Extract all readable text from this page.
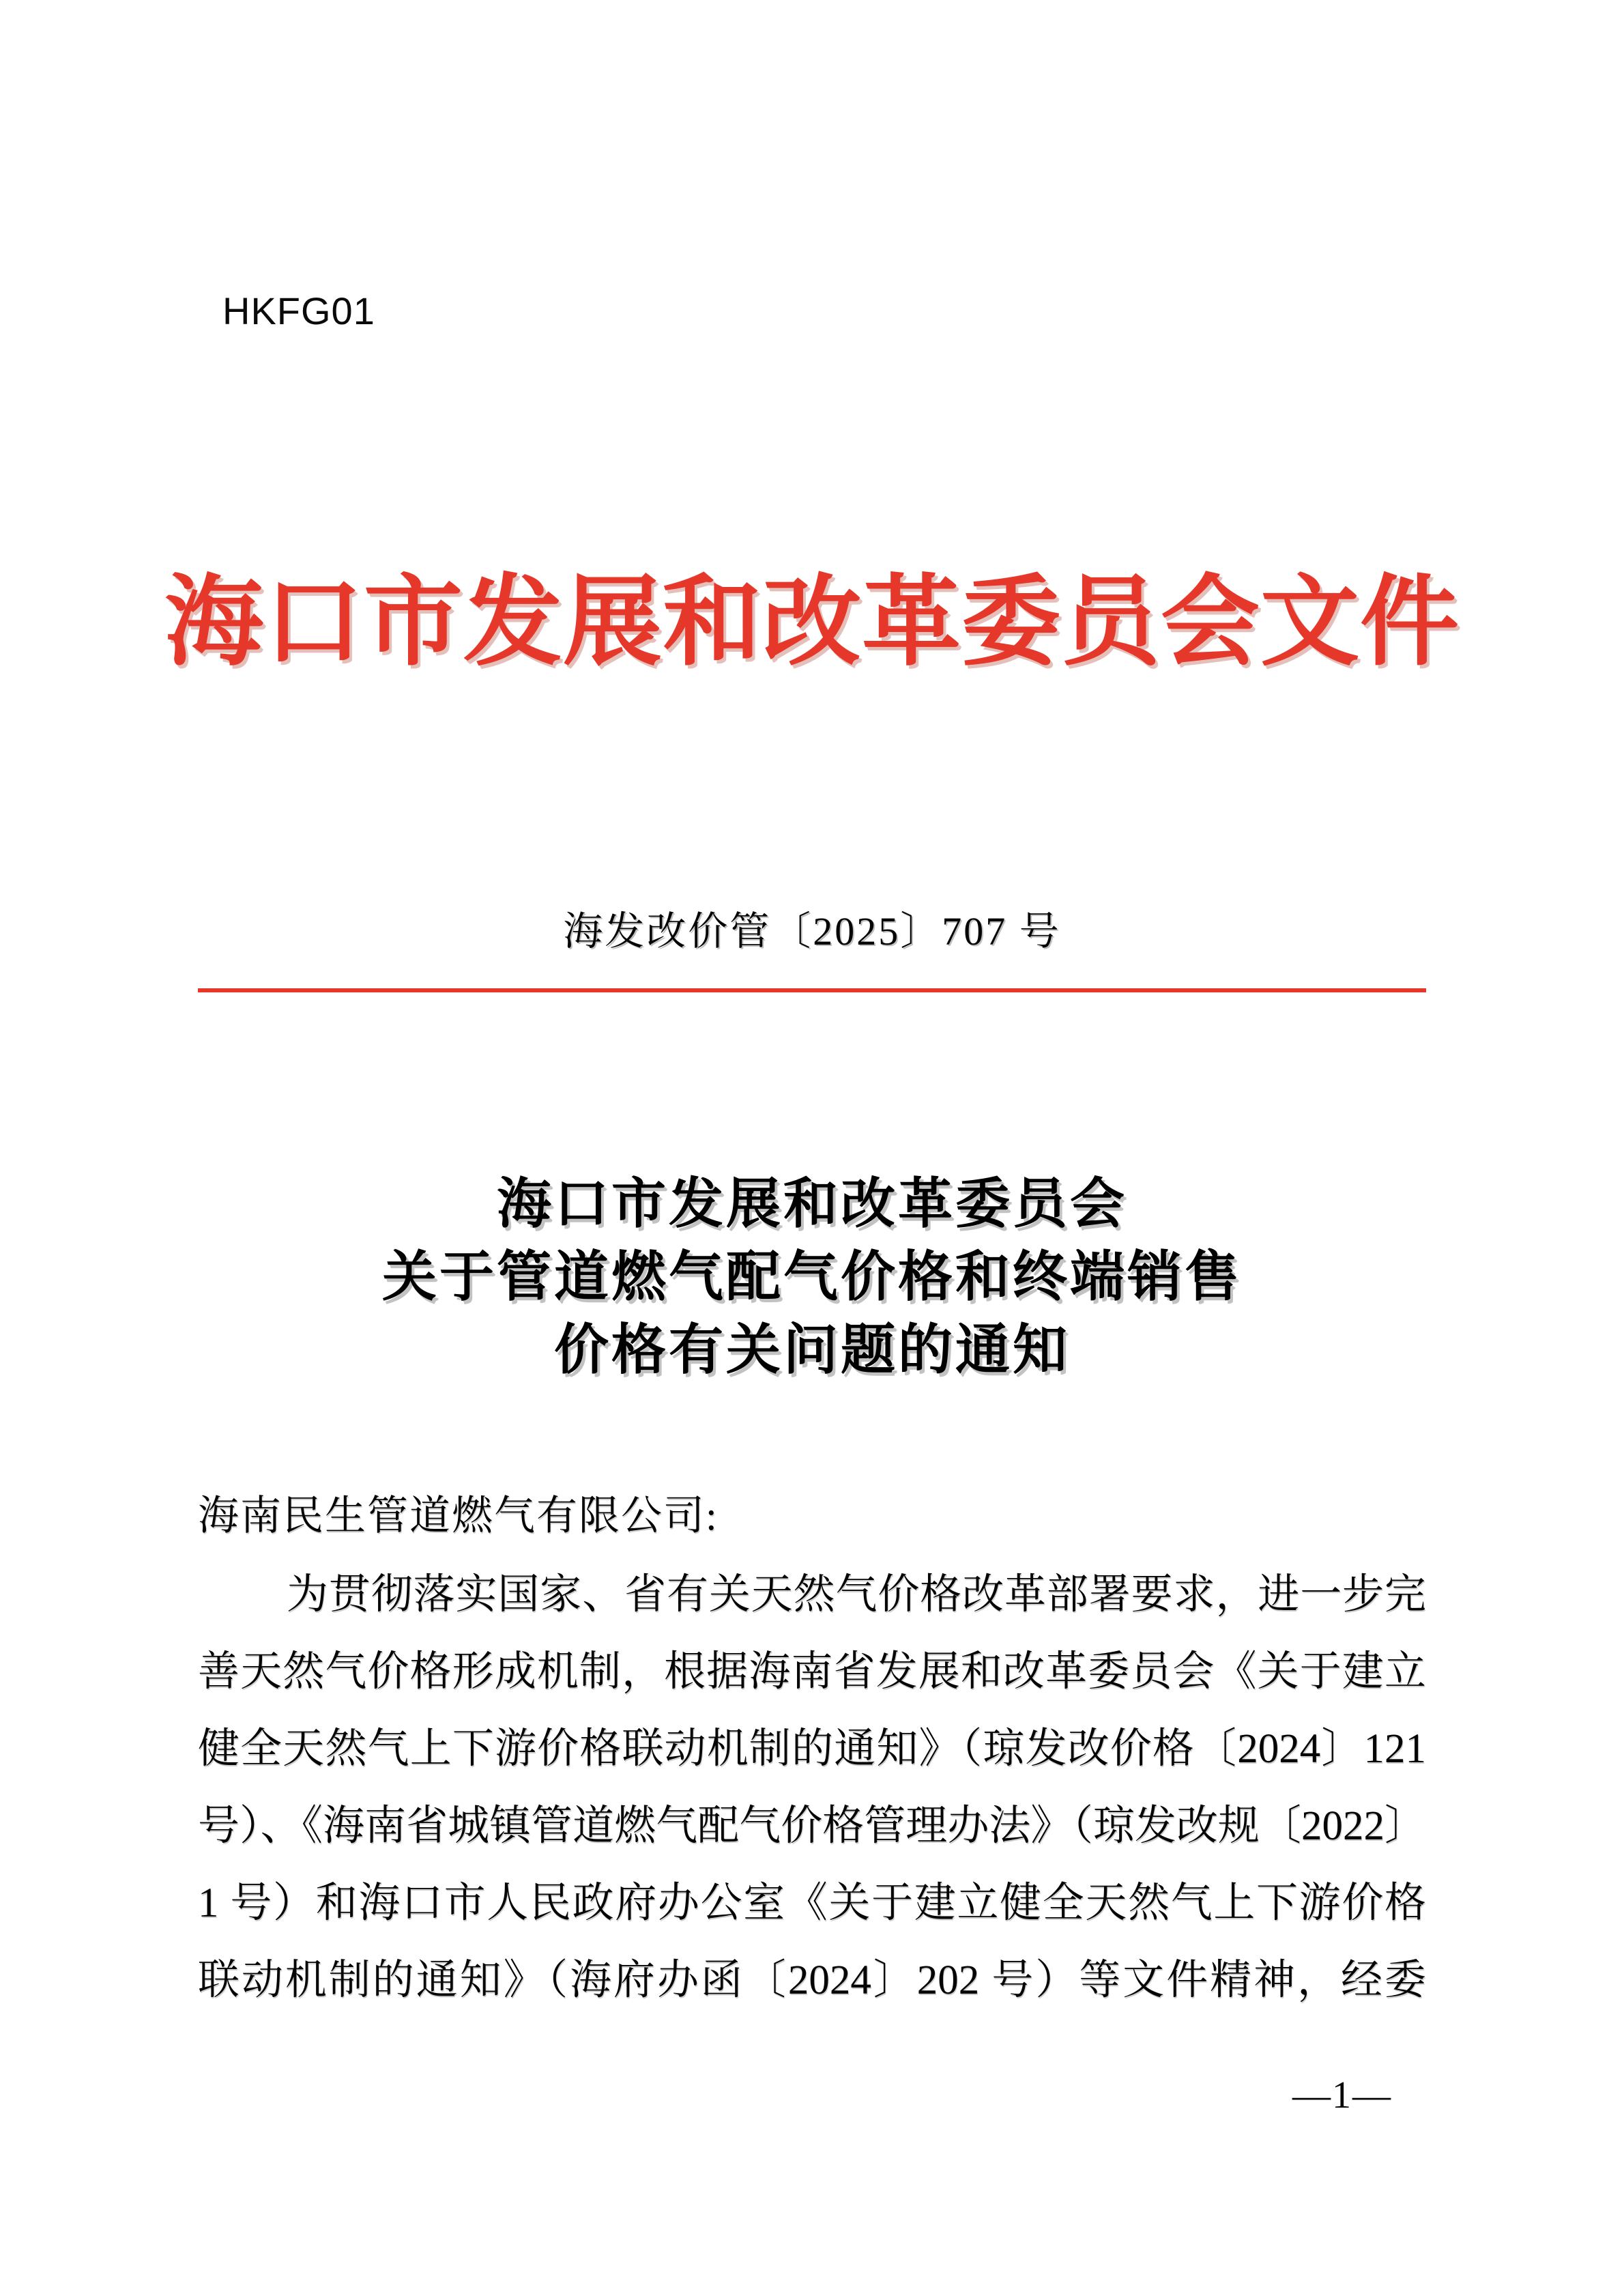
HKFG01
海口市发展和改革委员会文件
海发改价管〔2025〕707 号
海口市发展和改革委员会
关于管道燃气配气价格和终端销售
价格有关问题的通知
海南民生管道燃气有限公司:
为贯彻落实国家、省有关天然气价格改革部署要求，进一步完
善天然气价格形成机制，根据海南省发展和改革委员会《关于建立
健全天然气上下游价格联动机制的通知》（琼发改价格〔2024〕121
号）、《海南省城镇管道燃气配气价格管理办法》（琼发改规〔2022〕
1 号）和海口市人民政府办公室《关于建立健全天然气上下游价格
联动机制的通知》（海府办函〔2024〕202 号）等文件精神，经委
—1—
